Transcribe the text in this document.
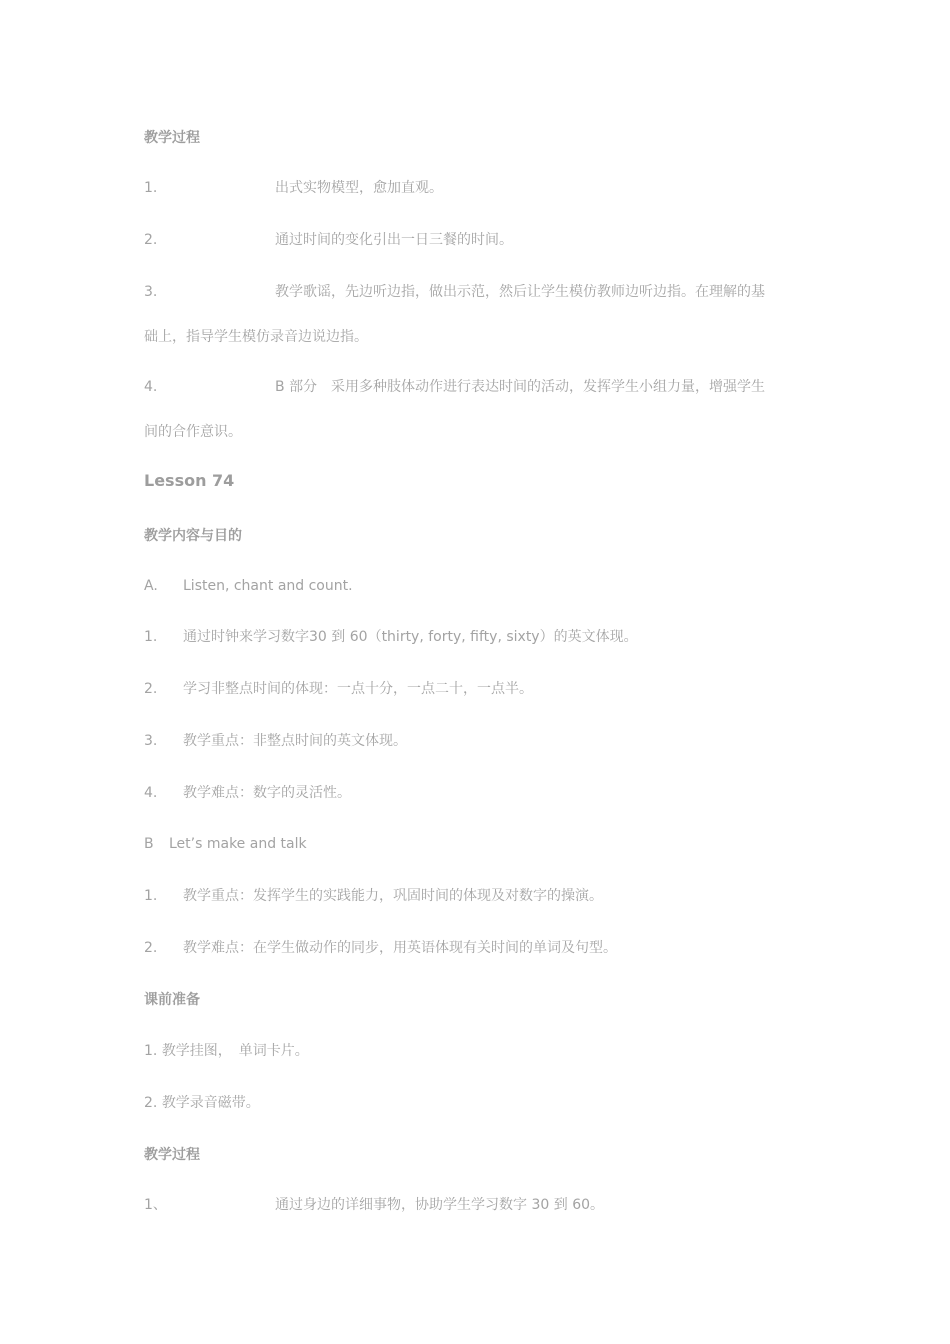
教学过程
1.	出式实物模型，愈加直观。
2.	通过时间的变化引出一日三餐的时间。
3.	教学歌谣，先边听边指，做出示范，然后让学生模仿教师边听边指。在理解的基
础上，指导学生模仿录音边说边指。
4.	B 部分　采用多种肢体动作进行表达时间的活动，发挥学生小组力量，增强学生
间的合作意识。
Lesson 74
教学内容与目的
A. Listen, chant and count.
1. 通过时钟来学习数字30 到 60（thirty, forty, fifty, sixty）的英文体现。
2. 学习非整点时间的体现：一点十分，一点二十，一点半。
3. 教学重点：非整点时间的英文体现。
4. 教学难点：数字的灵活性。
B Let’s make and talk
1. 教学重点：发挥学生的实践能力，巩固时间的体现及对数字的操演。
2. 教学难点：在学生做动作的同步，用英语体现有关时间的单词及句型。
课前准备
1. 教学挂图，　单词卡片。
2. 教学录音磁带。
教学过程
1、	通过身边的详细事物，协助学生学习数字 30 到 60。
